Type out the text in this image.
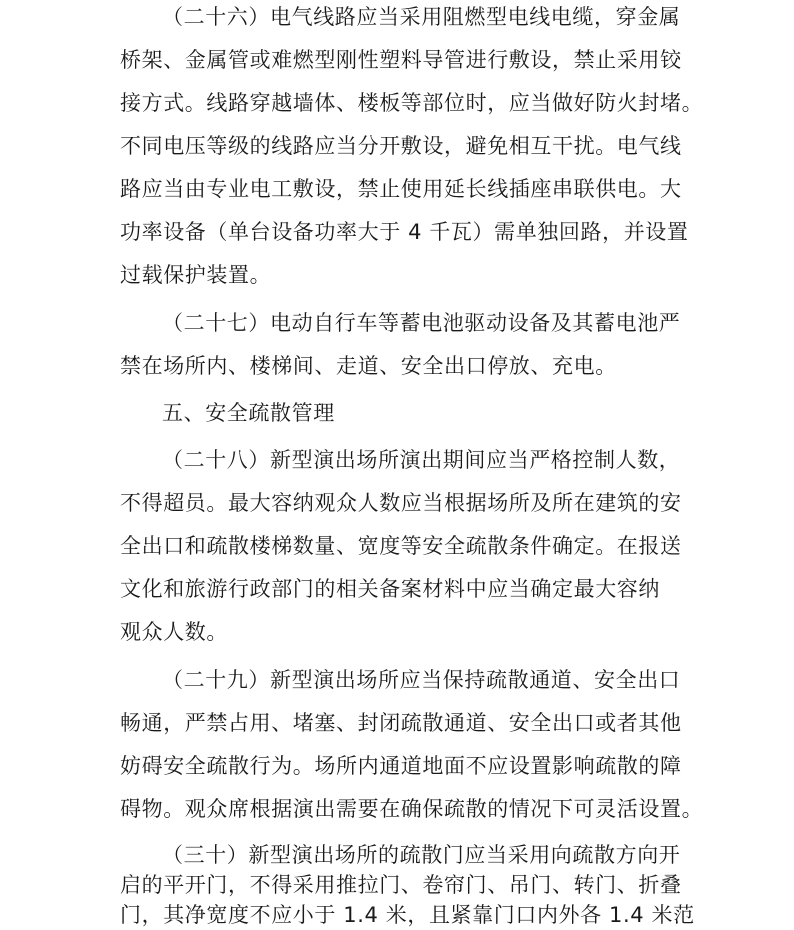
（二十六）电气线路应当采用阻燃型电线电缆，穿金属
桥架、金属管或难燃型刚性塑料导管进行敷设，禁止采用铰
接方式。线路穿越墙体、楼板等部位时，应当做好防火封堵。
不同电压等级的线路应当分开敷设，避免相互干扰。电气线
路应当由专业电工敷设，禁止使用延长线插座串联供电。大
功率设备（单台设备功率大于 4 千瓦）需单独回路，并设置
过载保护装置。
（二十七）电动自行车等蓄电池驱动设备及其蓄电池严
禁在场所内、楼梯间、走道、安全出口停放、充电。
五、安全疏散管理
（二十八）新型演出场所演出期间应当严格控制人数，
不得超员。最大容纳观众人数应当根据场所及所在建筑的安
全出口和疏散楼梯数量、宽度等安全疏散条件确定。在报送
文化和旅游行政部门的相关备案材料中应当确定最大容纳
观众人数。
（二十九）新型演出场所应当保持疏散通道、安全出口
畅通，严禁占用、堵塞、封闭疏散通道、安全出口或者其他
妨碍安全疏散行为。场所内通道地面不应设置影响疏散的障
碍物。观众席根据演出需要在确保疏散的情况下可灵活设置。
（三十）新型演出场所的疏散门应当采用向疏散方向开
启的平开门，不得采用推拉门、卷帘门、吊门、转门、折叠
门，其净宽度不应小于 1.4 米，且紧靠门口内外各 1.4 米范
